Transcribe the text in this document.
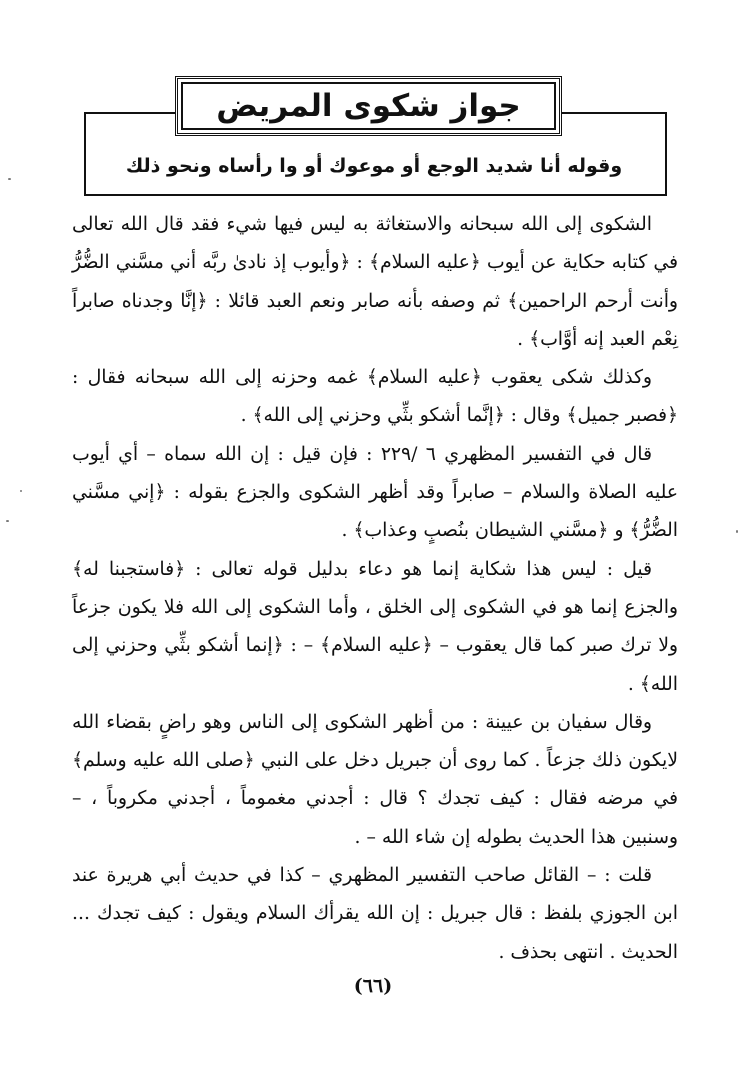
جواز شكوى المريض
وقوله أنا شديد الوجع أو موعوك أو وا رأساه ونحو ذلك

الشكوى إلى الله سبحانه والاستغاثة به ليس فيها شيء فقد قال الله تعالى في كتابه حكاية عن أيوب ﴿عليه السلام﴾ : ﴿وأيوب إذ نادىٰ ربَّه أني مسَّني الضُّرُّ وأنت أرحم الراحمين﴾ ثم وصفه بأنه صابر ونعم العبد قائلا : ﴿إنَّا وجدناه صابراً نِعْم العبد إنه أوَّاب﴾ .

وكذلك شكى يعقوب ﴿عليه السلام﴾ غمه وحزنه إلى الله سبحانه فقال : ﴿فصبر جميل﴾ وقال : ﴿إنَّما أشكو بثِّي وحزني إلى الله﴾ .

قال في التفسير المظهري ٦ /٢٢٩ : فإن قيل : إن الله سماه – أي أيوب عليه الصلاة والسلام – صابراً وقد أظهر الشكوى والجزع بقوله : ﴿إني مسَّني الضُّرُّ﴾ و ﴿مسَّني الشيطان بنُصبٍ وعذاب﴾ .

قيل : ليس هذا شكاية إنما هو دعاء بدليل قوله تعالى : ﴿فاستجبنا له﴾ والجزع إنما هو في الشكوى إلى الخلق ، وأما الشكوى إلى الله فلا يكون جزعاً ولا ترك صبر كما قال يعقوب – ﴿عليه السلام﴾ – : ﴿إنما أشكو بثِّي وحزني إلى الله﴾ .

وقال سفيان بن عيينة : من أظهر الشكوى إلى الناس وهو راضٍ بقضاء الله لايكون ذلك جزعاً . كما روى أن جبريل دخل على النبي ﴿صلى الله عليه وسلم﴾ في مرضه فقال : كيف تجدك ؟ قال : أجدني مغموماً ، أجدني مكروباً ، – وسنبين هذا الحديث بطوله إن شاء الله – .

قلت : – القائل صاحب التفسير المظهري – كذا في حديث أبي هريرة عند ابن الجوزي بلفظ : قال جبريل : إن الله يقرأك السلام ويقول : كيف تجدك ... الحديث . انتهى بحذف .

(٦٦)
